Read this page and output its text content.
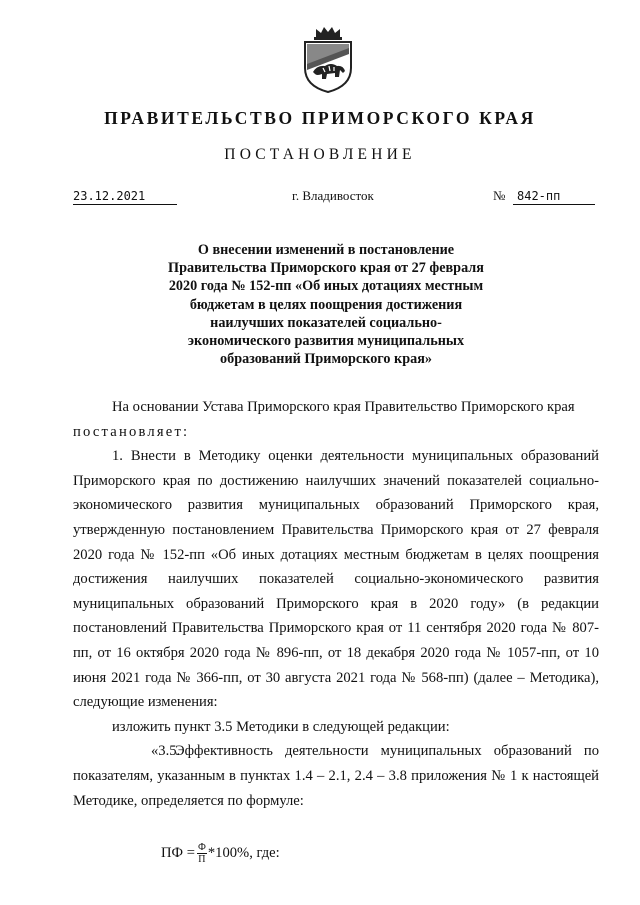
ПРАВИТЕЛЬСТВО ПРИМОРСКОГО КРАЯ
ПОСТАНОВЛЕНИЕ
23.12.2021	г. Владивосток	№ 842-пп
О внесении изменений в постановление
Правительства Приморского края от 27 февраля
2020 года № 152-пп «Об иных дотациях местным
бюджетам в целях поощрения достижения
наилучших показателей социально-
экономического развития муниципальных
образований Приморского края»

На основании Устава Приморского края Правительство Приморского края

постановляет:

1. Внести в Методику оценки деятельности муниципальных образований Приморского края по достижению наилучших значений показателей социально-экономического развития муниципальных образований Приморского края, утвержденную постановлением Правительства Приморского края от 27 февраля 2020 года № 152-пп «Об иных дотациях местным бюджетам в целях поощрения достижения наилучших показателей социально-экономического развития муниципальных образований Приморского края в 2020 году» (в редакции постановлений Правительства Приморского края от 11 сентября 2020 года № 807-пп, от 16 октября 2020 года № 896-пп, от 18 декабря 2020 года № 1057-пп, от 10 июня 2021 года № 366-пп, от 30 августа 2021 года № 568-пп) (далее – Методика), следующие изменения:

изложить пункт 3.5 Методики в следующей редакции:

«3.5.Эффективность деятельности муниципальных образований по показателям, указанным в пунктах 1.4 – 2.1, 2.4 – 3.8 приложения № 1 к настоящей Методике, определяется по формуле:

ПФ = $\frac{Ф}{П} *100\%$, где:
